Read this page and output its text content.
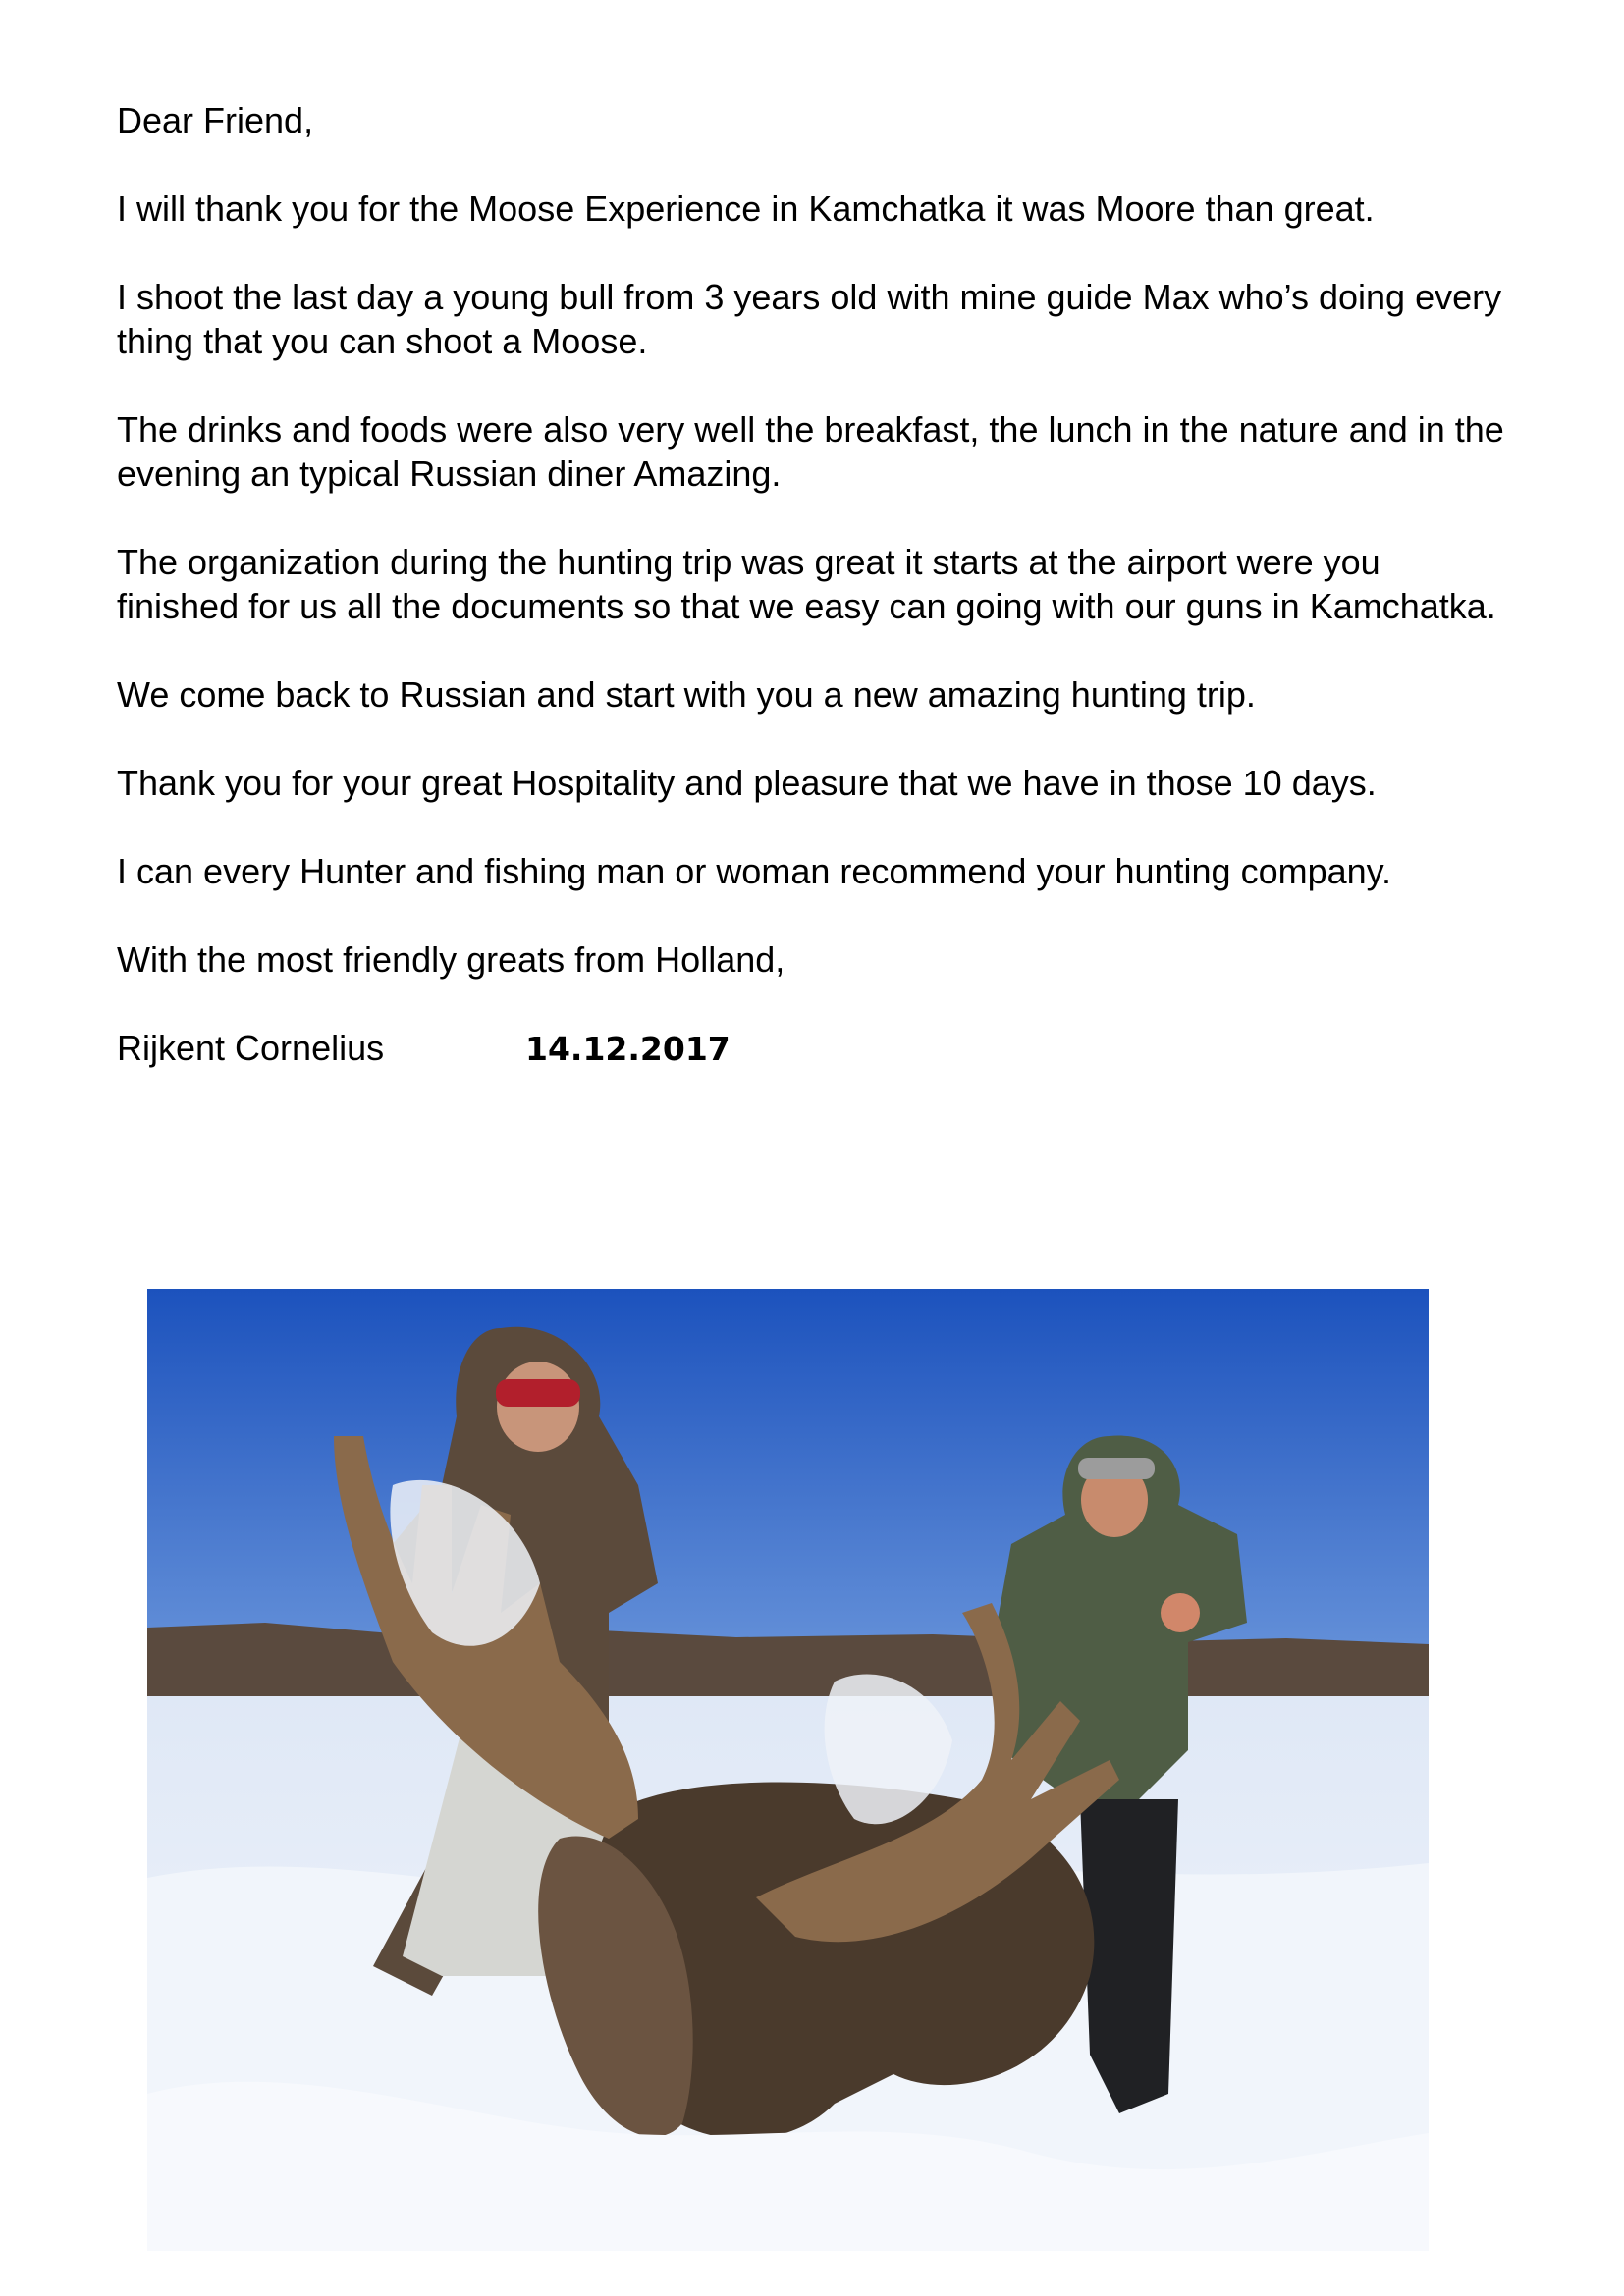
Dear Friend,

I will thank you for the Moose Experience in Kamchatka it was Moore than great.

I shoot the last day a young bull from 3 years old with mine guide Max who’s doing every thing that you can shoot a Moose.

The drinks and foods were also very well the breakfast, the lunch in the nature and in the evening an typical Russian diner Amazing.

The organization during the hunting trip was great it starts at the airport were you finished for us all the documents so that we easy can going with our guns in Kamchatka.

We come back to Russian and start with you a new amazing hunting trip.

Thank you for your great Hospitality and pleasure that we have in those 10 days.

I can every Hunter and fishing man or woman recommend your hunting company.

With the most friendly greats from Holland,

Rijkent Cornelius	14.12.2017
